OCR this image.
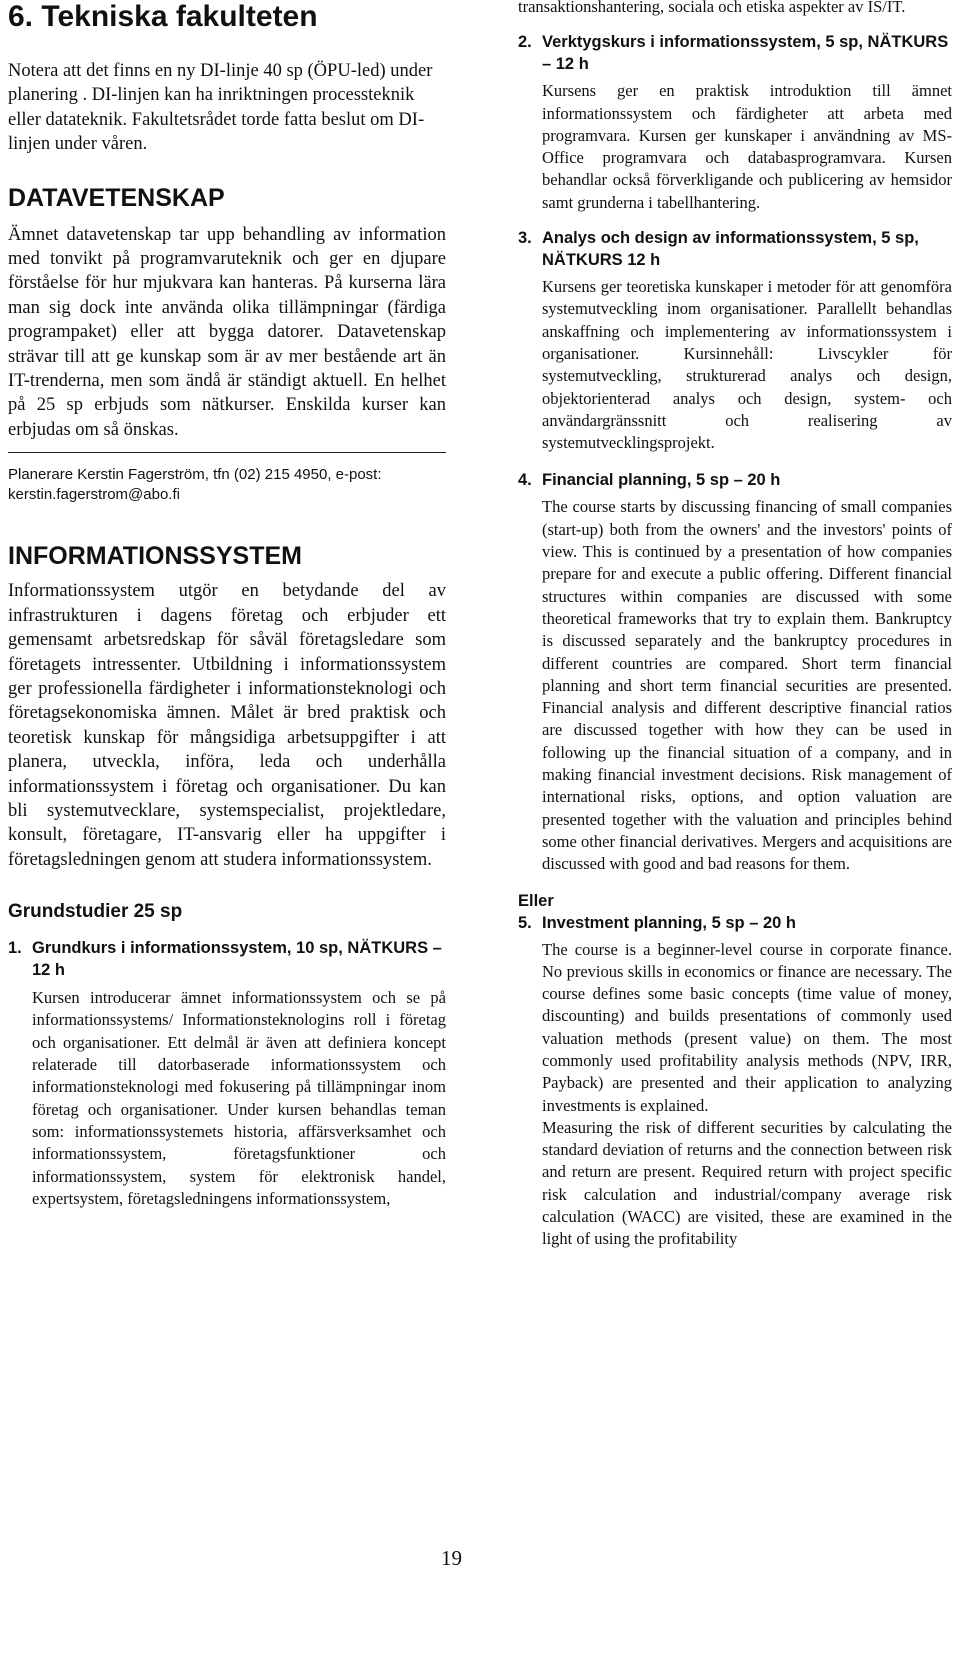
6. Tekniska fakulteten

Notera att det finns en ny DI-linje 40 sp (ÖPU-led) under planering . DI-linjen kan ha inriktningen processteknik eller datateknik. Fakultetsrådet torde fatta beslut om DI-linjen under våren.

DATAVETENSKAP

Ämnet datavetenskap tar upp behandling av information med tonvikt på programvaruteknik och ger en djupare förståelse för hur mjukvara kan hanteras. På kurserna lära man sig dock inte använda olika tillämpningar (färdiga programpaket) eller att bygga datorer. Datavetenskap strävar till att ge kunskap som är av mer bestående art än IT-trenderna, men som ändå är ständigt aktuell. En helhet på 25 sp erbjuds som nätkurser. Enskilda kurser kan erbjudas om så önskas.

Planerare Kerstin Fagerström, tfn (02) 215 4950, e-post: kerstin.fagerstrom@abo.fi

INFORMATIONSSYSTEM

Informationssystem utgör en betydande del av infrastrukturen i dagens företag och erbjuder ett gemensamt arbetsredskap för såväl företagsledare som företagets intressenter. Utbildning i informationssystem ger professionella färdigheter i informationsteknologi och företagsekonomiska ämnen. Målet är bred praktisk och teoretisk kunskap för mångsidiga arbetsuppgifter i att planera, utveckla, införa, leda och underhålla informationssystem i företag och organisationer. Du kan bli systemutvecklare, systemspecialist, projektledare, konsult, företagare, IT-ansvarig eller ha uppgifter i företagsledningen genom att studera informationssystem.

Grundstudier 25 sp

1. Grundkurs i informationssystem, 10 sp, NÄTKURS – 12 h

Kursen introducerar ämnet informationssystem och se på informationssystems/ Informationsteknologins roll i företag och organisationer. Ett delmål är även att definiera koncept relaterade till datorbaserade informationssystem och informationsteknologi med fokusering på tillämpningar inom företag och organisationer. Under kursen behandlas teman som: informationssystemets historia, affärsverksamhet och informationssystem, företagsfunktioner och informationssystem, system för elektronisk handel, expertsystem, företagsledningens informationssystem,

transaktionshantering, sociala och etiska aspekter av IS/IT.

2. Verktygskurs i informationssystem, 5 sp, NÄTKURS – 12 h

Kursens ger en praktisk introduktion till ämnet informationssystem och färdigheter att arbeta med programvara. Kursen ger kunskaper i användning av MS-Office programvara och databasprogramvara. Kursen behandlar också förverkligande och publicering av hemsidor samt grunderna i tabellhantering.

3. Analys och design av informationssystem, 5 sp, NÄTKURS 12 h

Kursens ger teoretiska kunskaper i metoder för att genomföra systemutveckling inom organisationer. Parallellt behandlas anskaffning och implementering av informationssystem i organisationer. Kursinnehåll: Livscykler för systemutveckling, strukturerad analys och design, objektorienterad analys och design, system- och användargränssnitt och realisering av systemutvecklingsprojekt.

4. Financial planning, 5 sp – 20 h

The course starts by discussing financing of small companies (start-up) both from the owners' and the investors' points of view. This is continued by a presentation of how companies prepare for and execute a public offering. Different financial structures within companies are discussed with some theoretical frameworks that try to explain them. Bankruptcy is discussed separately and the bankruptcy procedures in different countries are compared. Short term financial planning and short term financial securities are presented. Financial analysis and different descriptive financial ratios are discussed together with how they can be used in following up the financial situation of a company, and in making financial investment decisions. Risk management of international risks, options, and option valuation are presented together with the valuation and principles behind some other financial derivatives. Mergers and acquisitions are discussed with good and bad reasons for them.

Eller

5. Investment planning, 5 sp – 20 h

The course is a beginner-level course in corporate finance. No previous skills in economics or finance are necessary. The course defines some basic concepts (time value of money, discounting) and builds presentations of commonly used valuation methods (present value) on them. The most commonly used profitability analysis methods (NPV, IRR, Payback) are presented and their application to analyzing investments is explained.

Measuring the risk of different securities by calculating the standard deviation of returns and the connection between risk and return are present. Required return with project specific risk calculation and industrial/company average risk calculation (WACC) are visited, these are examined in the light of using the profitability

19
